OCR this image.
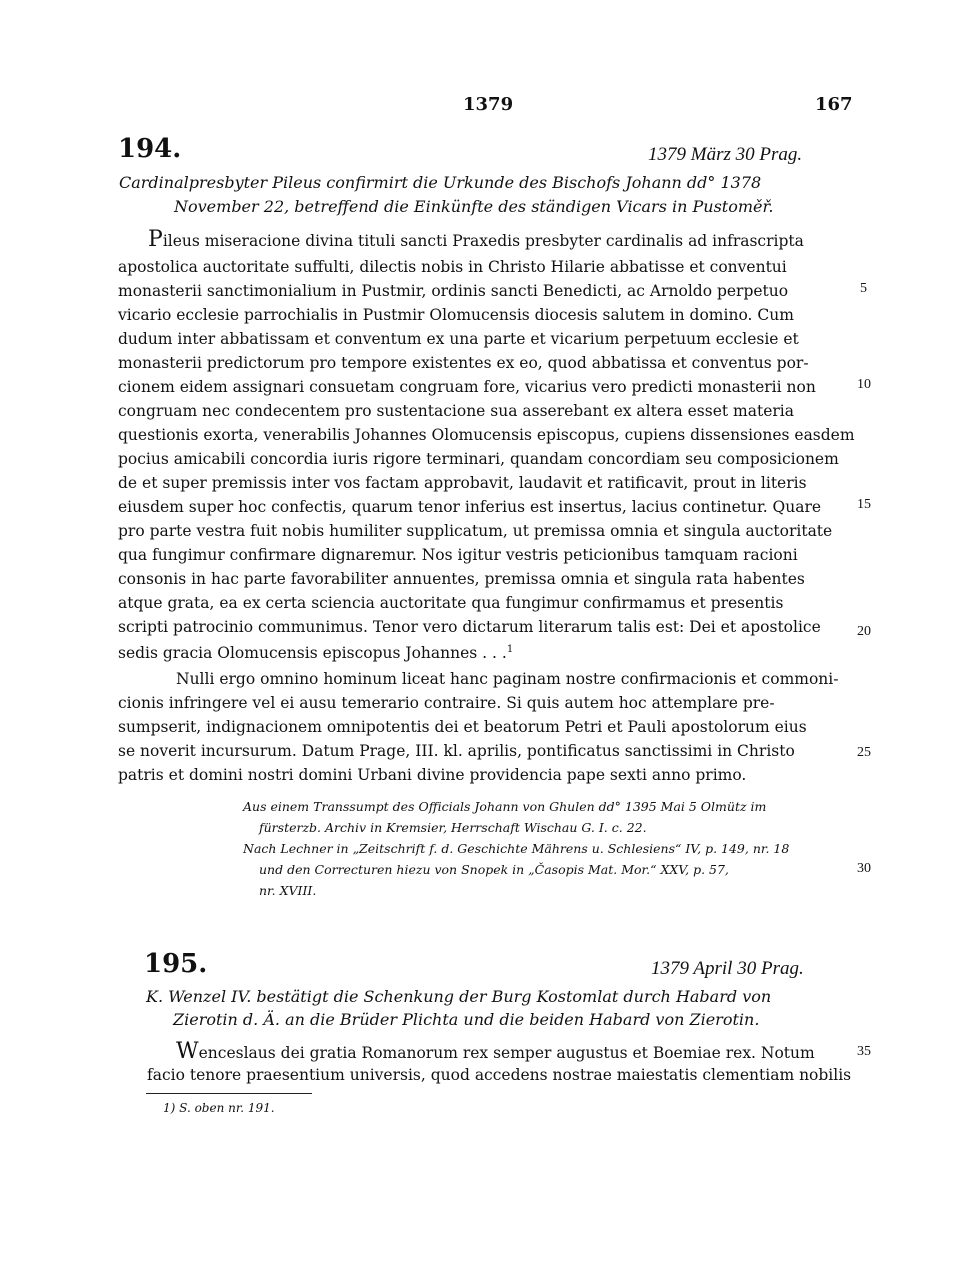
1379	167
194.	1379 März 30 Prag.
Cardinalpresbyter Pileus confirmirt die Urkunde des Bischofs Johann dd° 1378
November 22, betreffend die Einkünfte des ständigen Vicars in Pustoměř.
Pileus miseracione divina tituli sancti Praxedis presbyter cardinalis ad infrascripta
apostolica auctoritate suffulti, dilectis nobis in Christo Hilarie abbatisse et conventui
monasterii sanctimonialium in Pustmir, ordinis sancti Benedicti, ac Arnoldo perpetuo
vicario ecclesie parrochialis in Pustmir Olomucensis diocesis salutem in domino. Cum
dudum inter abbatissam et conventum ex una parte et vicarium perpetuum ecclesie et
monasterii predictorum pro tempore existentes ex eo, quod abbatissa et conventus por-
cionem eidem assignari consuetam congruam fore, vicarius vero predicti monasterii non
congruam nec condecentem pro sustentacione sua asserebant ex altera esset materia
questionis exorta, venerabilis Johannes Olomucensis episcopus, cupiens dissensiones easdem
pocius amicabili concordia iuris rigore terminari, quandam concordiam seu composicionem
de et super premissis inter vos factam approbavit, laudavit et ratificavit, prout in literis
eiusdem super hoc confectis, quarum tenor inferius est insertus, lacius continetur. Quare
pro parte vestra fuit nobis humiliter supplicatum, ut premissa omnia et singula auctoritate
qua fungimur confirmare dignaremur. Nos igitur vestris peticionibus tamquam racioni
consonis in hac parte favorabiliter annuentes, premissa omnia et singula rata habentes
atque grata, ea ex certa sciencia auctoritate qua fungimur confirmamus et presentis
scripti patrocinio communimus. Tenor vero dictarum literarum talis est: Dei et apostolice
sedis gracia Olomucensis episcopus Johannes . . .$^1$
Nulli ergo omnino hominum liceat hanc paginam nostre confirmacionis et commoni-
cionis infringere vel ei ausu temerario contraire. Si quis autem hoc attemplare pre-
sumpserit, indignacionem omnipotentis dei et beatorum Petri et Pauli apostolorum eius
se noverit incursurum. Datum Prage, III. kl. aprilis, pontificatus sanctissimi in Christo
patris et domini nostri domini Urbani divine providencia pape sexti anno primo.
5
10
15
20
25
30
Aus einem Transsumpt des Officials Johann von Ghulen dd° 1395 Mai 5 Olmütz im
fürsterzb. Archiv in Kremsier, Herrschaft Wischau G. I. c. 22.
Nach Lechner in „Zeitschrift f. d. Geschichte Mährens u. Schlesiens“ IV, p. 149, nr. 18
und den Correcturen hiezu von Snopek in „Časopis Mat. Mor.“ XXV, p. 57,
nr. XVIII.
195.	1379 April 30 Prag.
K. Wenzel IV. bestätigt die Schenkung der Burg Kostomlat durch Habard von
Zierotin d. Ä. an die Brüder Plichta und die beiden Habard von Zierotin.
Wenceslaus dei gratia Romanorum rex semper augustus et Boemiae rex. Notum
facio tenore praesentium universis, quod accedens nostrae maiestatis clementiam nobilis
35
1) S. oben nr. 191.
